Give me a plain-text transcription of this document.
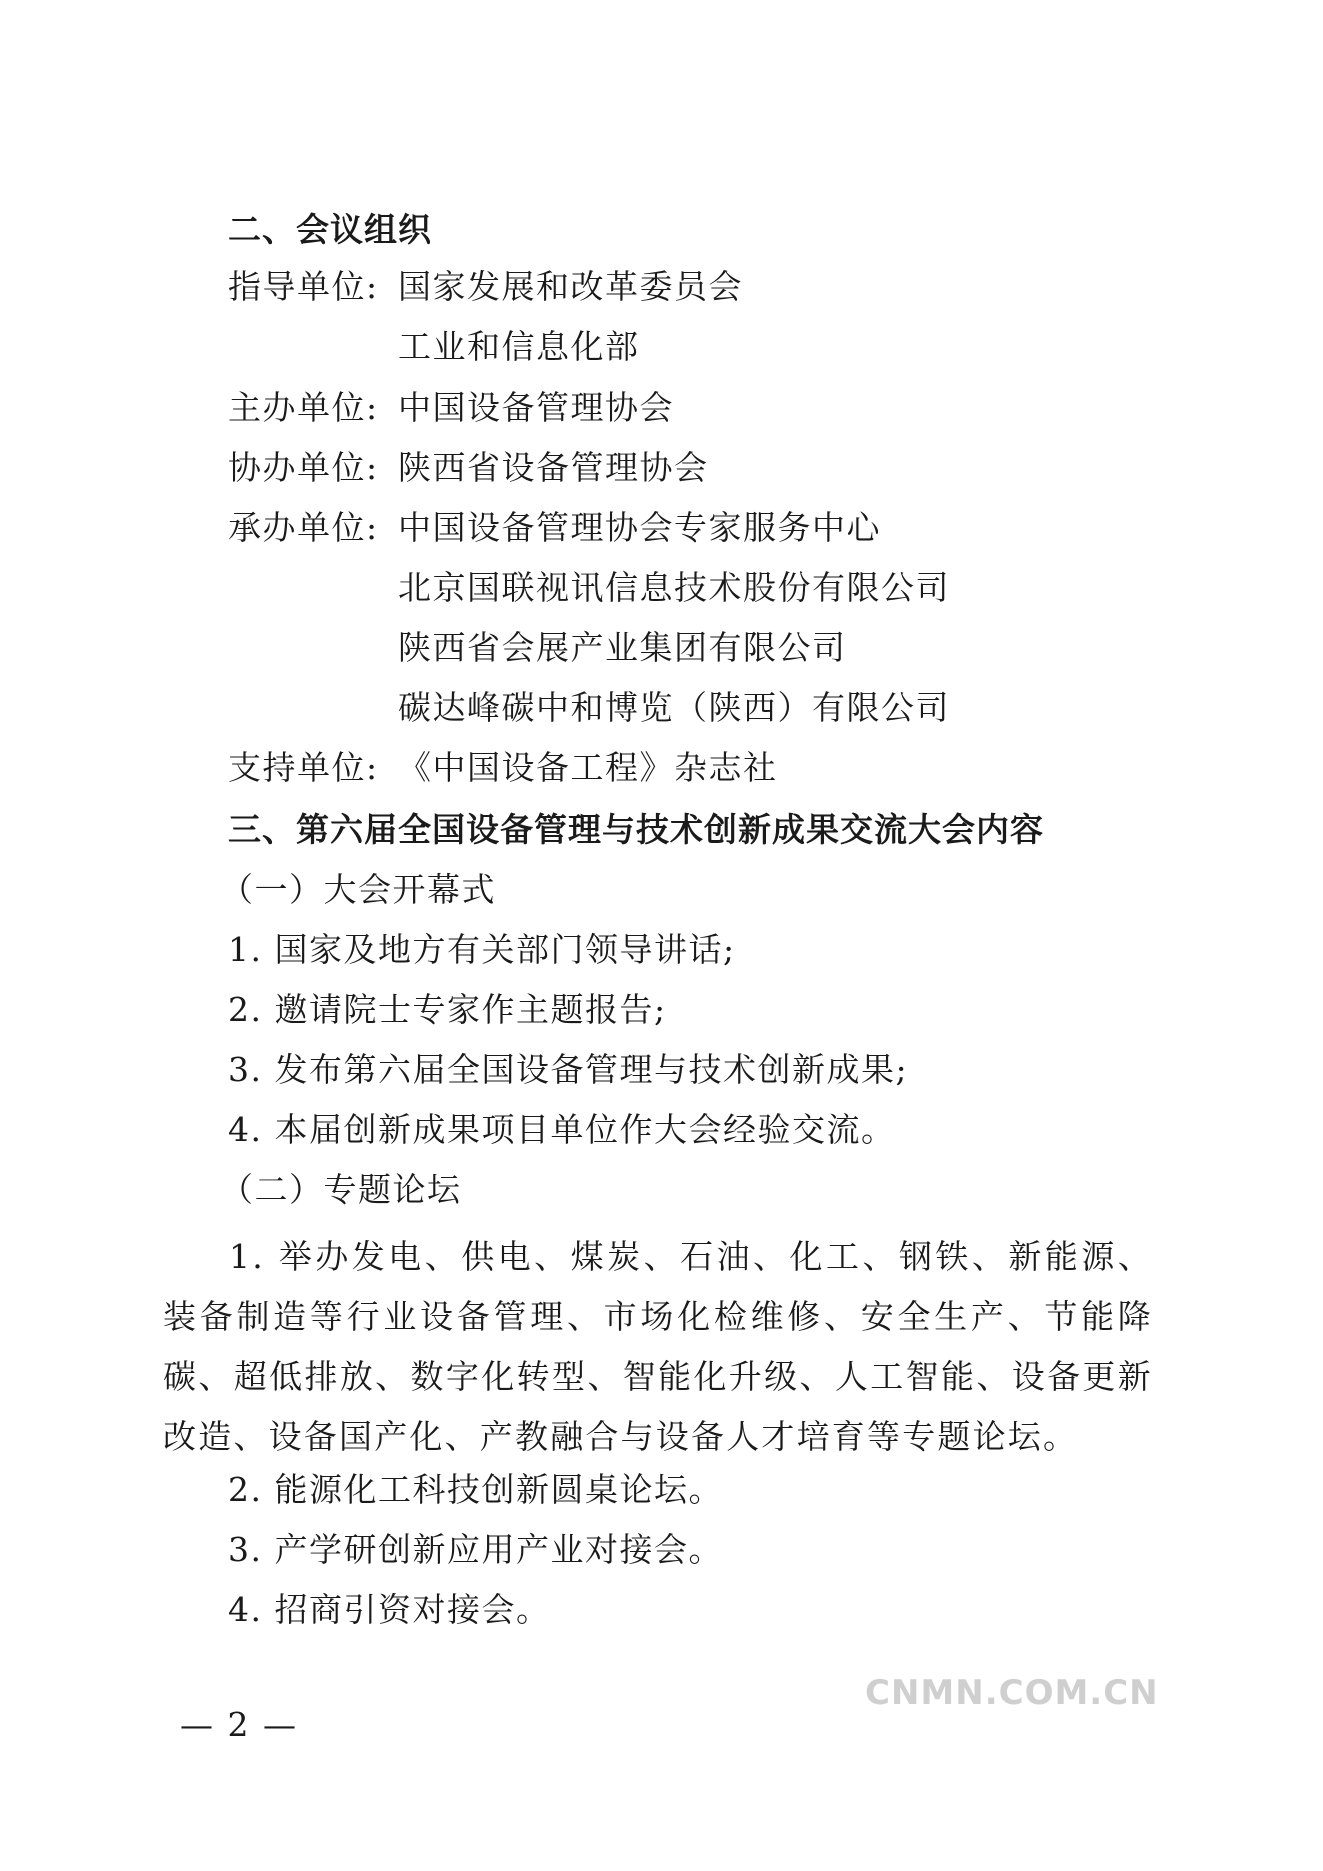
二、会议组织
指导单位: 国家发展和改革委员会
工业和信息化部
主办单位: 中国设备管理协会
协办单位: 陕西省设备管理协会
承办单位: 中国设备管理协会专家服务中心
北京国联视讯信息技术股份有限公司
陕西省会展产业集团有限公司
碳达峰碳中和博览（陕西）有限公司
支持单位: 《中国设备工程》杂志社
三、第六届全国设备管理与技术创新成果交流大会内容
（一）大会开幕式
1. 国家及地方有关部门领导讲话;
2. 邀请院士专家作主题报告;
3. 发布第六届全国设备管理与技术创新成果;
4. 本届创新成果项目单位作大会经验交流。
（二）专题论坛

1. 举办发电、供电、煤炭、石油、化工、钢铁、新能源、装备制造等行业设备管理、市场化检维修、安全生产、节能降碳、超低排放、数字化转型、智能化升级、人工智能、设备更新改造、设备国产化、产教融合与设备人才培育等专题论坛。

2. 能源化工科技创新圆桌论坛。
3. 产学研创新应用产业对接会。
4. 招商引资对接会。
CNMN.COM.CN
— 2 —
